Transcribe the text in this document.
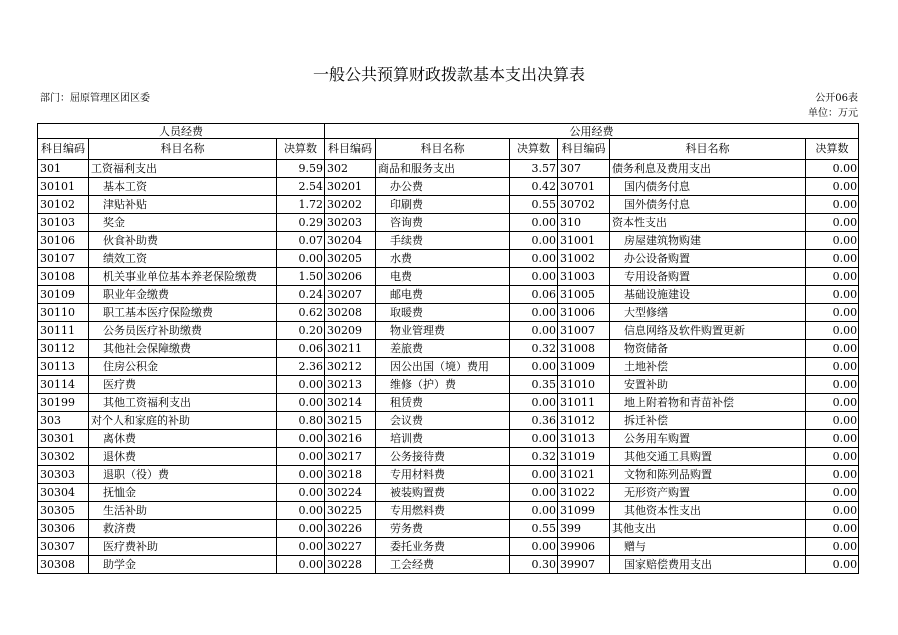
一般公共预算财政拨款基本支出决算表
部门：屈原管理区团区委	公开06表
单位：万元
人员经费			公用经费					
科目编码	科目名称	决算数	科目编码	科目名称	决算数	科目编码	科目名称	决算数
301	工资福利支出	9.59	302	商品和服务支出	3.57	307	债务利息及费用支出	0.00
30101	基本工资	2.54	30201	办公费	0.42	30701	国内债务付息	0.00
30102	津贴补贴	1.72	30202	印刷费	0.55	30702	国外债务付息	0.00
30103	奖金	0.29	30203	咨询费	0.00	310	资本性支出	0.00
30106	伙食补助费	0.07	30204	手续费	0.00	31001	房屋建筑物购建	0.00
30107	绩效工资	0.00	30205	水费	0.00	31002	办公设备购置	0.00
30108	机关事业单位基本养老保险缴费	1.50	30206	电费	0.00	31003	专用设备购置	0.00
30109	职业年金缴费	0.24	30207	邮电费	0.06	31005	基础设施建设	0.00
30110	职工基本医疗保险缴费	0.62	30208	取暖费	0.00	31006	大型修缮	0.00
30111	公务员医疗补助缴费	0.20	30209	物业管理费	0.00	31007	信息网络及软件购置更新	0.00
30112	其他社会保障缴费	0.06	30211	差旅费	0.32	31008	物资储备	0.00
30113	住房公积金	2.36	30212	因公出国（境）费用	0.00	31009	土地补偿	0.00
30114	医疗费	0.00	30213	维修（护）费	0.35	31010	安置补助	0.00
30199	其他工资福利支出	0.00	30214	租赁费	0.00	31011	地上附着物和青苗补偿	0.00
303	对个人和家庭的补助	0.80	30215	会议费	0.36	31012	拆迁补偿	0.00
30301	离休费	0.00	30216	培训费	0.00	31013	公务用车购置	0.00
30302	退休费	0.00	30217	公务接待费	0.32	31019	其他交通工具购置	0.00
30303	退职（役）费	0.00	30218	专用材料费	0.00	31021	文物和陈列品购置	0.00
30304	抚恤金	0.00	30224	被装购置费	0.00	31022	无形资产购置	0.00
30305	生活补助	0.00	30225	专用燃料费	0.00	31099	其他资本性支出	0.00
30306	救济费	0.00	30226	劳务费	0.55	399	其他支出	0.00
30307	医疗费补助	0.00	30227	委托业务费	0.00	39906	赠与	0.00
30308	助学金	0.00	30228	工会经费	0.30	39907	国家赔偿费用支出	0.00
